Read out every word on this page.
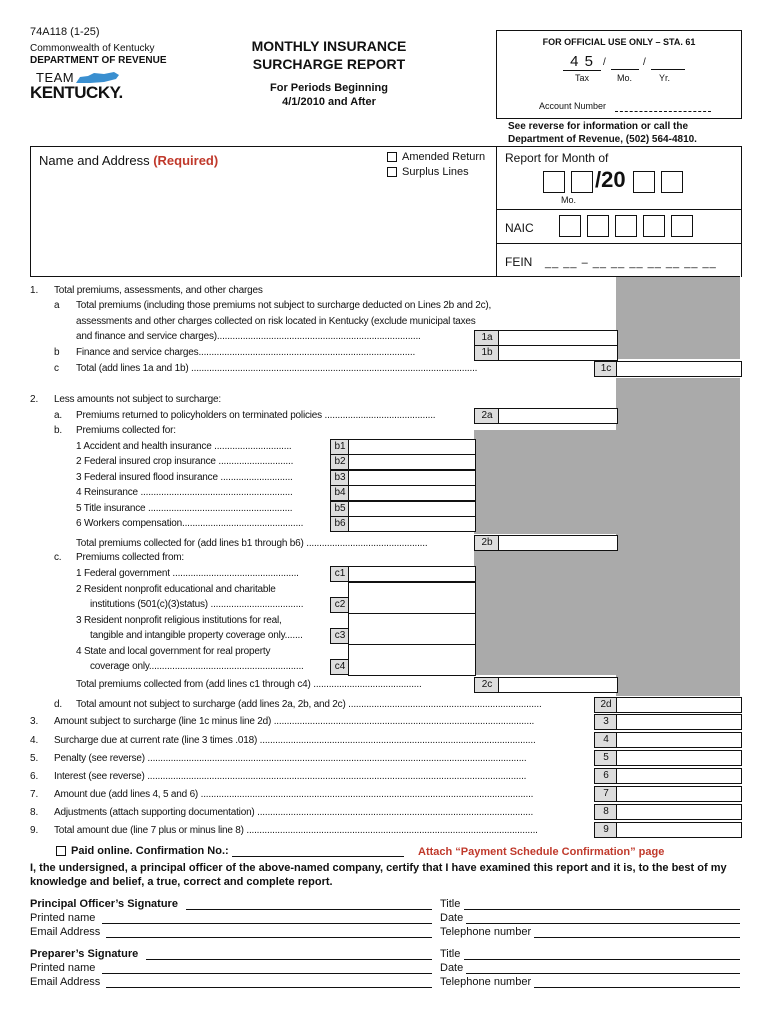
74A118 (1-25)
Commonwealth of Kentucky
DEPARTMENT OF REVENUE
TEAM
KENTUCKY.
MONTHLY INSURANCE
SURCHARGE REPORT
For Periods Beginning
4/1/2010 and After
FOR OFFICIAL USE ONLY – STA. 61
4 5 /	/
Tax	Mo.	Yr.
Account Number
See reverse for information or call the
Department of Revenue, (502) 564-4810.
Name and Address (Required)	Amended Return
Surplus Lines
Report for Month of
/20
Mo.
NAIC
FEIN __ __ – __ __ __ __ __ __ __
1. Total premiums, assessments, and other charges
a Total premiums (including those premiums not subject to surcharge deducted on Lines 2b and 2c),
assessments and other charges collected on risk located in Kentucky (exclude municipal taxes
and finance and service charges)...............................................................................	1a
b Finance and service charges....................................................................................	1b
c Total (add lines 1a and 1b) ...............................................................................................................	1c
2. Less amounts not subject to surcharge:
a. Premiums returned to policyholders on terminated policies ...........................................	2a
b. Premiums collected for:
1 Accident and health insurance ..............................	b1
2 Federal insured crop insurance .............................	b2
3 Federal insured flood insurance ............................	b3
4 Reinsurance ...........................................................	b4
5 Title insurance ........................................................	b5
6 Workers compensation...............................................	b6
Total premiums collected for (add lines b1 through b6) ...............................................	2b
c. Premiums collected from:
1 Federal government .................................................	c1
2 Resident nonprofit educational and charitable
institutions (501(c)(3)status) ....................................	c2
3 Resident nonprofit religious institutions for real,
tangible and intangible property coverage only.......	c3
4 State and local government for real property
coverage only............................................................	c4
Total premiums collected from (add lines c1 through c4) ..........................................	2c
d. Total amount not subject to surcharge (add lines 2a, 2b, and 2c) ...........................................................................	2d
3. Amount subject to surcharge (line 1c minus line 2d) .....................................................................................................	3
4. Surcharge due at current rate (line 3 times .018) ...........................................................................................................	4
5. Penalty (see reverse) ...................................................................................................................................................	5
6. Interest (see reverse) ...................................................................................................................................................	6
7. Amount due (add lines 4, 5 and 6) .................................................................................................................................	7
8. Adjustments (attach supporting documentation) ...........................................................................................................	8
9. Total amount due (line 7 plus or minus line 8) .................................................................................................................	9
Paid online. Confirmation No.:	Attach “Payment Schedule Confirmation” page
I, the undersigned, a principal officer of the above-named company, certify that I have examined this report and it is, to the best of my
knowledge and belief, a true, correct and complete report.
Principal Officer’s Signature
Printed name
Email Address
Title
Date
Telephone number
Preparer’s Signature
Printed name
Email Address
Title
Date
Telephone number
